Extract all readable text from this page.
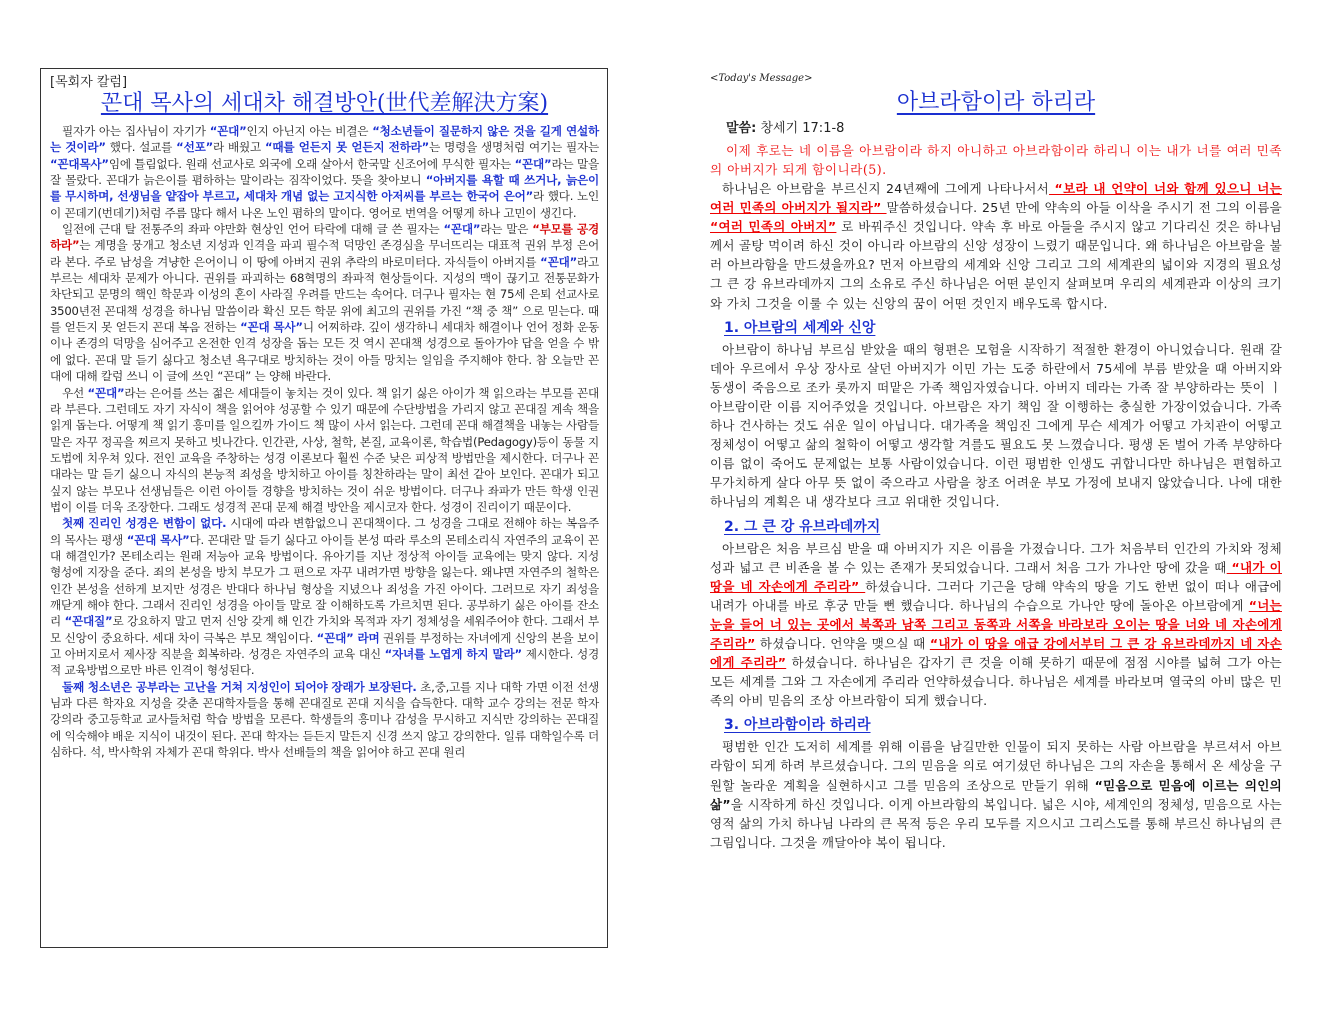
[목회자 칼럼]
꼰대 목사의 세대차 해결방안(世代差解決方案)

필자가 아는 집사님이 자기가 “꼰대”인지 아닌지 아는 비결은 “청소년들이 질문하지 않은 것을 길게 연설하는 것이라” 했다. 설교를 “선포”라 배웠고 “때를 얻든지 못 얻든지 전하라”는 명령을 생명처럼 여기는 필자는 “꼰대목사”임에 틀림없다. 원래 선교사로 외국에 오래 살아서 한국말 신조어에 무식한 필자는 “꼰대”라는 말을 잘 몰랐다. 꼰대가 늙은이를 폄하하는 말이라는 짐작이었다. 뜻을 찾아보니 “아버지를 욕할 때 쓰거나, 늙은이를 무시하며, 선생님을 얕잡아 부르고, 세대차 개념 없는 고지식한 아저씨를 부르는 한국어 은어”라 했다. 노인이 꼰데기(번데기)처럼 주름 많다 해서 나온 노인 폄하의 말이다. 영어로 번역을 어떻게 하나 고민이 생긴다.

일전에 근대 탈 전통주의 좌파 야만화 현상인 언어 타락에 대해 글 쓴 필자는 “꼰대”라는 말은 “부모를 공경하라”는 계명을 뭉개고 청소년 지성과 인격을 파괴 필수적 덕망인 존경심을 무너뜨리는 대표적 권위 부정 은어라 본다. 주로 남성을 겨냥한 은어이니 이 땅에 아버지 권위 추락의 바로미터다. 자식들이 아버지를 “꼰대”라고 부르는 세대차 문제가 아니다. 권위를 파괴하는 68혁명의 좌파적 현상들이다. 지성의 맥이 끊기고 전통문화가 차단되고 문명의 핵인 학문과 이성의 혼이 사라질 우려를 만드는 속어다. 더구나 필자는 현 75세 은퇴 선교사로 3500년전 꼰대책 성경을 하나님 말씀이라 확신 모든 학문 위에 최고의 권위를 가진 “책 중 책” 으로 믿는다. 때를 얻든지 못 얻든지 꼰대 복음 전하는 “꼰대 목사”니 어찌하랴. 깊이 생각하니 세대차 해결이나 언어 정화 운동이나 존경의 덕망을 심어주고 온전한 인격 성장을 돕는 모든 것 역시 꼰대책 성경으로 돌아가야 답을 얻을 수 밖에 없다. 꼰대 말 듣기 싫다고 청소년 욕구대로 방치하는 것이 아들 망치는 일임을 주지해야 한다. 참 오늘만 꼰대에 대해 칼럼 쓰니 이 글에 쓰인 “꼰대” 는 양해 바란다.

우선 “꼰대”라는 은어를 쓰는 젊은 세대들이 놓치는 것이 있다. 책 읽기 싫은 아이가 책 읽으라는 부모를 꼰대라 부른다. 그런데도 자기 자식이 책을 읽어야 성공할 수 있기 때문에 수단방법을 가리지 않고 꼰대질 계속 책을 읽게 돕는다. 어떻게 책 읽기 흥미를 일으킬까 가이드 책 많이 사서 읽는다. 그런데 꼰대 해결책을 내놓는 사람들 말은 자꾸 정곡을 찌르지 못하고 빗나간다. 인간관, 사상, 철학, 본질, 교육이론, 학습법(Pedagogy)등이 동물 지도법에 치우쳐 있다. 전인 교육을 주창하는 성경 이론보다 훨씬 수준 낮은 피상적 방법만을 제시한다. 더구나 꼰대라는 말 듣기 싫으니 자식의 본능적 죄성을 방치하고 아이를 칭찬하라는 말이 최선 같아 보인다. 꼰대가 되고 싶지 않는 부모나 선생님들은 이런 아이들 경향을 방치하는 것이 쉬운 방법이다. 더구나 좌파가 만든 학생 인권법이 이를 더욱 조장한다. 그래도 성경적 꼰대 문제 해결 방안을 제시코자 한다. 성경이 진리이기 때문이다.

첫째 진리인 성경은 변함이 없다. 시대에 따라 변함없으니 꼰대책이다. 그 성경을 그대로 전해야 하는 복음주의 목사는 평생 “꼰대 목사”다. 꼰대란 말 듣기 싫다고 아이들 본성 따라 루소의 몬테소리식 자연주의 교육이 꼰대 해결인가? 몬테소리는 원래 저능아 교육 방법이다. 유아기를 지난 정상적 아이들 교육에는 맞지 않다. 지성 형성에 지장을 준다. 죄의 본성을 방치 부모가 그 편으로 자꾸 내려가면 방향을 잃는다. 왜냐면 자연주의 철학은 인간 본성을 선하게 보지만 성경은 반대다 하나님 형상을 지녔으나 죄성을 가진 아이다. 그러므로 자기 죄성을 깨닫게 해야 한다. 그래서 진리인 성경을 아이들 말로 잘 이해하도록 가르치면 된다. 공부하기 싫은 아이를 잔소리 “꼰대질”로 강요하지 말고 먼저 신앙 갖게 해 인간 가치와 목적과 자기 정체성을 세워주어야 한다. 그래서 부모 신앙이 중요하다. 세대 차이 극복은 부모 책임이다. “꼰대” 라며 권위를 부정하는 자녀에게 신앙의 본을 보이고 아버지로서 제사장 직분을 회복하라. 성경은 자연주의 교육 대신 “자녀를 노엽게 하지 말라” 제시한다. 성경적 교육방법으로만 바른 인격이 형성된다.

둘째 청소년은 공부라는 고난을 거쳐 지성인이 되어야 장래가 보장된다. 초,중,고를 지나 대학 가면 이전 선생님과 다른 학자요 지성을 갖춘 꼰대학자들을 통해 꼰대질로 꼰대 지식을 습득한다. 대학 교수 강의는 전문 학자 강의라 중고등학교 교사들처럼 학습 방법을 모른다. 학생들의 흥미나 감성을 무시하고 지식만 강의하는 꼰대질에 익숙해야 배운 지식이 내것이 된다. 꼰대 학자는 듣든지 말든지 신경 쓰지 않고 강의한다. 일류 대학일수록 더 심하다. 석, 박사학위 자체가 꼰대 학위다. 박사 선배들의 책을 읽어야 하고 꼰대 원리

<Today's Message>
아브라함이라 하리라
말씀: 창세기 17:1-8

이제 후로는 네 이름을 아브람이라 하지 아니하고 아브라함이라 하리니 이는 내가 너를 여러 민족의 아버지가 되게 함이니라(5).

하나님은 아브람을 부르신지 24년째에 그에게 나타나서서 “보라 내 언약이 너와 함께 있으니 너는 여러 민족의 아버지가 될지라” 말씀하셨습니다. 25년 만에 약속의 아들 이삭을 주시기 전 그의 이름을 “여러 민족의 아버지” 로 바꿔주신 것입니다. 약속 후 바로 아들을 주시지 않고 기다리신 것은 하나님께서 골탕 먹이려 하신 것이 아니라 아브람의 신앙 성장이 느렸기 때문입니다. 왜 하나님은 아브람을 불러 아브라함을 만드셨을까요? 먼저 아브람의 세계와 신앙 그리고 그의 세계관의 넓이와 지경의 필요성 그 큰 강 유브라데까지 그의 소유로 주신 하나님은 어떤 분인지 살펴보며 우리의 세계관과 이상의 크기와 가치 그것을 이룰 수 있는 신앙의 꿈이 어떤 것인지 배우도록 합시다.

1. 아브람의 세계와 신앙

아브람이 하나님 부르심 받았을 때의 형편은 모험을 시작하기 적절한 환경이 아니었습니다. 원래 갈데아 우르에서 우상 장사로 살던 아버지가 이민 가는 도중 하란에서 75세에 부름 받았을 때 아버지와 동생이 죽음으로 조카 롯까지 떠맡은 가족 책임자였습니다. 아버지 데라는 가족 잘 부양하라는 뜻이 ㅣ 아브람이란 이름 지어주었을 것입니다. 아브람은 자기 책임 잘 이행하는 충실한 가장이었습니다. 가족 하나 건사하는 것도 쉬운 일이 아닙니다. 대가족을 책임진 그에게 무슨 세계가 어떻고 가치관이 어떻고 정체성이 어떻고 삶의 철학이 어떻고 생각할 겨를도 필요도 못 느꼈습니다. 평생 돈 벌어 가족 부양하다 이름 없이 죽어도 문제없는 보통 사람이었습니다. 이런 평범한 인생도 귀합니다만 하나님은 편협하고 무가치하게 살다 아무 뜻 없이 죽으라고 사람을 창조 어려운 부모 가정에 보내지 않았습니다. 나에 대한 하나님의 계획은 내 생각보다 크고 위대한 것입니다.

2. 그 큰 강 유브라데까지

아브람은 처음 부르심 받을 때 아버지가 지은 이름을 가졌습니다. 그가 처음부터 인간의 가치와 정체성과 넓고 큰 비죤을 볼 수 있는 존재가 못되었습니다. 그래서 처음 그가 가나안 땅에 갔을 때 “내가 이 땅을 네 자손에게 주리라” 하셨습니다. 그러다 기근을 당해 약속의 땅을 기도 한번 없이 떠나 애급에 내려가 아내를 바로 후궁 만들 뻔 했습니다. 하나님의 수습으로 가나안 땅에 돌아온 아브람에게 “너는 눈을 들어 너 있는 곳에서 북쪽과 남쪽 그리고 동쪽과 서쪽을 바라보라 오이는 땅을 너와 네 자손에게 주리라” 하셨습니다. 언약을 맺으실 때 “내가 이 땅을 애급 강에서부터 그 큰 강 유브라데까지 네 자손에게 주리라” 하셨습니다. 하나님은 갑자기 큰 것을 이해 못하기 때문에 점점 시야를 넓혀 그가 아는 모든 세계를 그와 그 자손에게 주리라 언약하셨습니다. 하나님은 세계를 바라보며 열국의 아비 많은 민족의 아비 믿음의 조상 아브라함이 되게 했습니다.

3. 아브라함이라 하리라

평범한 인간 도저히 세계를 위해 이름을 남길만한 인물이 되지 못하는 사람 아브람을 부르셔서 아브라함이 되게 하려 부르셨습니다. 그의 믿음을 의로 여기셨던 하나님은 그의 자손을 통해서 온 세상을 구원할 놀라운 계획을 실현하시고 그를 믿음의 조상으로 만들기 위해 “믿음으로 믿음에 이르는 의인의 삶”을 시작하게 하신 것입니다. 이게 아브라함의 복입니다. 넓은 시야, 세계인의 정체성, 믿음으로 사는 영적 삶의 가치 하나님 나라의 큰 목적 등은 우리 모두를 지으시고 그리스도를 통해 부르신 하나님의 큰 그림입니다. 그것을 깨달아야 복이 됩니다.
